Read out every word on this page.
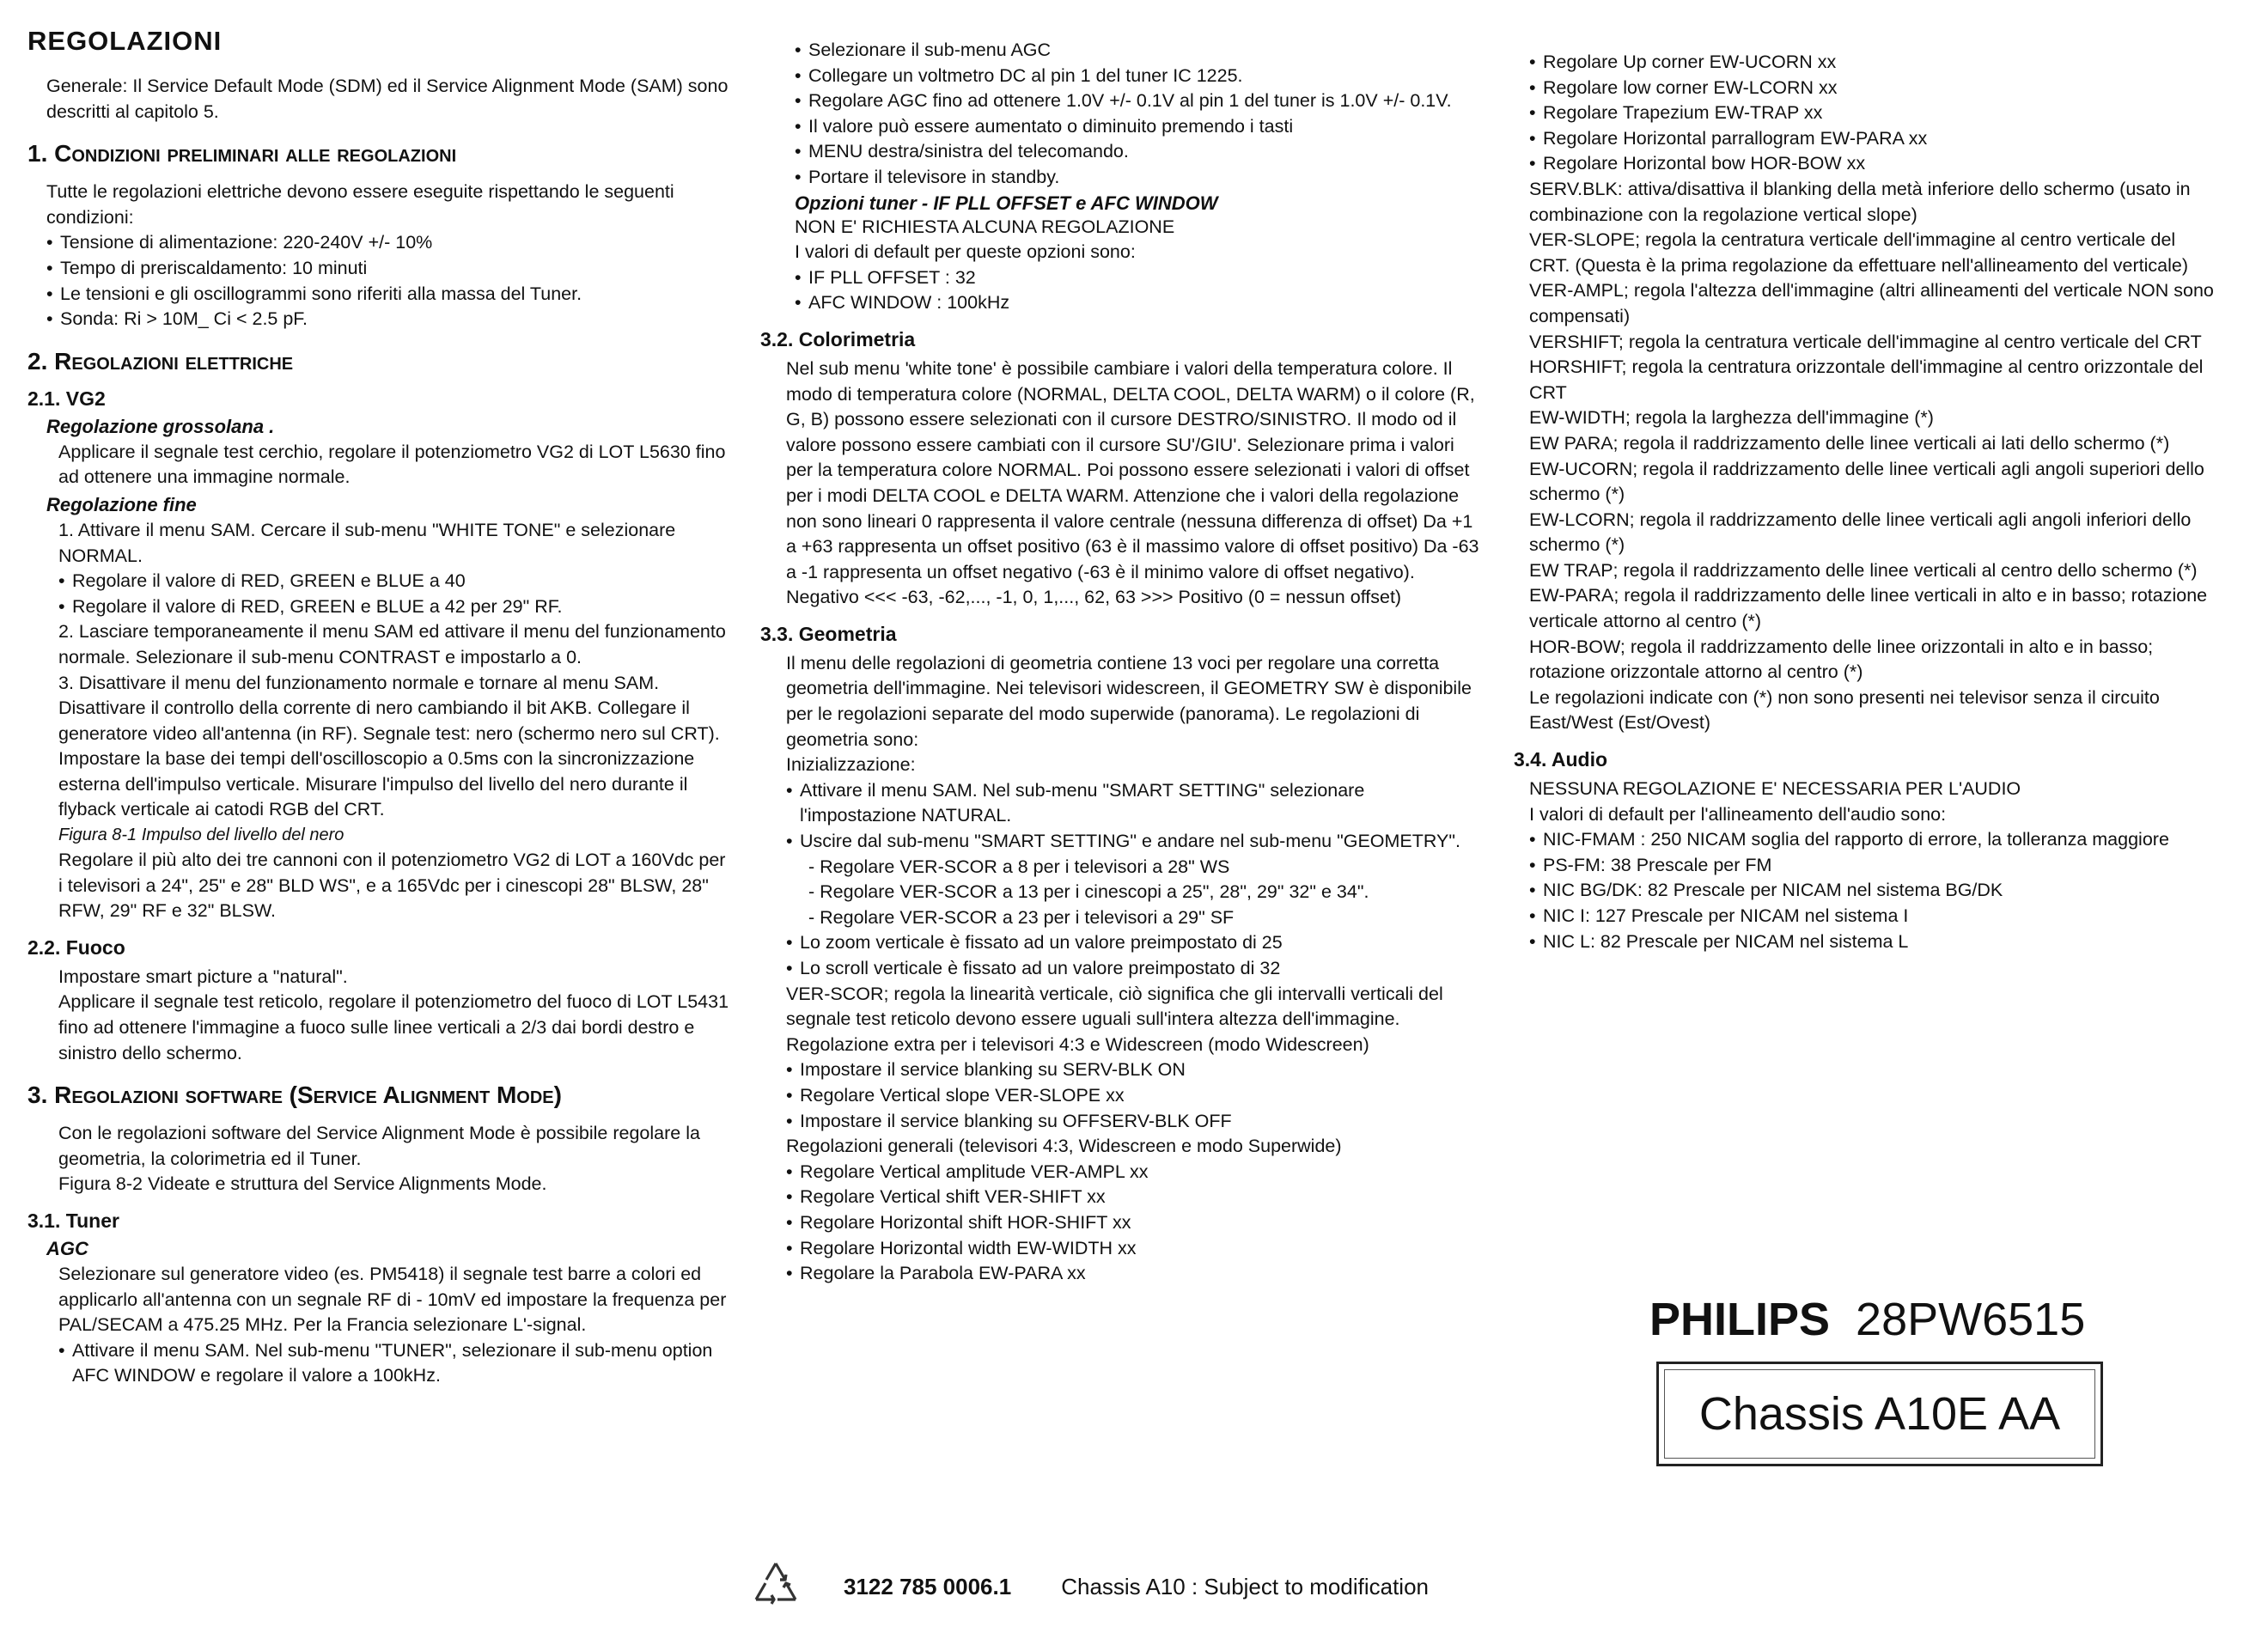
REGOLAZIONI
Generale: Il Service Default Mode (SDM) ed il Service Alignment Mode (SAM) sono descritti al capitolo 5.
1. Condizioni preliminari alle regolazioni
Tutte le regolazioni elettriche devono essere eseguite rispettando le seguenti condizioni:
• Tensione di alimentazione: 220-240V +/- 10%
• Tempo di preriscaldamento: 10 minuti
• Le tensioni e gli oscillogrammi sono riferiti alla massa del Tuner.
• Sonda: Ri > 10M_ Ci < 2.5 pF.
2. Regolazioni elettriche
2.1. VG2
Regolazione grossolana .
Applicare il segnale test cerchio, regolare il potenziometro VG2 di LOT L5630 fino ad ottenere una immagine normale.
Regolazione fine
1. Attivare il menu SAM. Cercare il sub-menu "WHITE TONE" e selezionare NORMAL.
• Regolare il valore di RED, GREEN e BLUE a 40
• Regolare il valore di RED, GREEN e BLUE a 42 per 29" RF.
2. Lasciare temporaneamente il menu SAM ed attivare il menu del funzionamento normale. Selezionare il sub-menu CONTRAST e impostarlo a 0.
3. Disattivare il menu del funzionamento normale e tornare al menu SAM. Disattivare il controllo della corrente di nero cambiando il bit AKB. Collegare il generatore video all'antenna (in RF). Segnale test: nero (schermo nero sul CRT). Impostare la base dei tempi dell'oscilloscopio a 0.5ms con la sincronizzazione esterna dell'impulso verticale. Misurare l'impulso del livello del nero durante il flyback verticale ai catodi RGB del CRT.
Figura 8-1 Impulso del livello del nero
Regolare il più alto dei tre cannoni con il potenziometro VG2 di LOT a 160Vdc per i televisori a 24", 25" e 28" BLD WS", e a 165Vdc per i cinescopi 28" BLSW, 28" RFW, 29" RF e 32" BLSW.
2.2. Fuoco
Impostare smart picture a "natural".
Applicare il segnale test reticolo, regolare il potenziometro del fuoco di LOT L5431 fino ad ottenere l'immagine a fuoco sulle linee verticali a 2/3 dai bordi destro e sinistro dello schermo.
3. Regolazioni software (Service Alignment Mode)
Con le regolazioni software del Service Alignment Mode è possibile regolare la geometria, la colorimetria ed il Tuner.
Figura 8-2 Videate e struttura del Service Alignments Mode.
3.1. Tuner
AGC
Selezionare sul generatore video (es. PM5418) il segnale test barre a colori ed applicarlo all'antenna con un segnale RF di - 10mV ed impostare la frequenza per PAL/SECAM a 475.25 MHz. Per la Francia selezionare L'-signal.
• Attivare il menu SAM. Nel sub-menu "TUNER", selezionare il sub-menu option AFC WINDOW e regolare il valore a 100kHz.
• Selezionare il sub-menu AGC
• Collegare un voltmetro DC al pin 1 del tuner IC 1225.
• Regolare AGC fino ad ottenere 1.0V +/- 0.1V al pin 1 del tuner is 1.0V +/- 0.1V.
• Il valore può essere aumentato o diminuito premendo i tasti
• MENU destra/sinistra del telecomando.
• Portare il televisore in standby.
Opzioni tuner - IF PLL OFFSET e AFC WINDOW
NON E' RICHIESTA ALCUNA REGOLAZIONE
I valori di default per queste opzioni sono:
• IF PLL OFFSET : 32
• AFC WINDOW : 100kHz
3.2. Colorimetria
Nel sub menu 'white tone' è possibile cambiare i valori della temperatura colore. Il modo di temperatura colore (NORMAL, DELTA COOL, DELTA WARM) o il colore (R, G, B) possono essere selezionati con il cursore DESTRO/SINISTRO. Il modo od il valore possono essere cambiati con il cursore SU'/GIU'. Selezionare prima i valori per la temperatura colore NORMAL. Poi possono essere selezionati i valori di offset per i modi DELTA COOL e DELTA WARM. Attenzione che i valori della regolazione non sono lineari 0 rappresenta il valore centrale (nessuna differenza di offset) Da +1 a +63 rappresenta un offset positivo (63 è il massimo valore di offset positivo) Da -63 a -1 rappresenta un offset negativo (-63 è il minimo valore di offset negativo).
Negativo <<< -63, -62,..., -1, 0, 1,..., 62, 63 >>> Positivo (0 = nessun offset)
3.3. Geometria
Il menu delle regolazioni di geometria contiene 13 voci per regolare una corretta geometria dell'immagine. Nei televisori widescreen, il GEOMETRY SW è disponibile per le regolazioni separate del modo superwide (panorama). Le regolazioni di geometria sono:
Inizializzazione:
• Attivare il menu SAM. Nel sub-menu "SMART SETTING" selezionare l'impostazione NATURAL.
• Uscire dal sub-menu "SMART SETTING" e andare nel sub-menu "GEOMETRY".
- Regolare VER-SCOR a 8 per i televisori a 28" WS
- Regolare VER-SCOR a 13 per i cinescopi a 25", 28", 29" 32" e 34".
- Regolare VER-SCOR a 23 per i televisori a 29" SF
• Lo zoom verticale è fissato ad un valore preimpostato di 25
• Lo scroll verticale è fissato ad un valore preimpostato di 32
VER-SCOR; regola la linearità verticale, ciò significa che gli intervalli verticali del segnale test reticolo devono essere uguali sull'intera altezza dell'immagine.
Regolazione extra per i televisori 4:3 e Widescreen (modo Widescreen)
• Impostare il service blanking su SERV-BLK ON
• Regolare Vertical slope VER-SLOPE xx
• Impostare il service blanking su OFFSERV-BLK OFF
Regolazioni generali (televisori 4:3, Widescreen e modo Superwide)
• Regolare Vertical amplitude VER-AMPL xx
• Regolare Vertical shift VER-SHIFT xx
• Regolare Horizontal shift HOR-SHIFT xx
• Regolare Horizontal width EW-WIDTH xx
• Regolare la Parabola EW-PARA xx
• Regolare Up corner EW-UCORN xx
• Regolare low corner EW-LCORN xx
• Regolare Trapezium EW-TRAP xx
• Regolare Horizontal parrallogram EW-PARA xx
• Regolare Horizontal bow HOR-BOW xx
SERV.BLK: attiva/disattiva il blanking della metà inferiore dello schermo (usato in combinazione con la regolazione vertical slope)
VER-SLOPE; regola la centratura verticale dell'immagine al centro verticale del CRT. (Questa è la prima regolazione da effettuare nell'allineamento del verticale)
VER-AMPL; regola l'altezza dell'immagine (altri allineamenti del verticale NON sono compensati)
VERSHIFT; regola la centratura verticale dell'immagine al centro verticale del CRT
HORSHIFT; regola la centratura orizzontale dell'immagine al centro orizzontale del CRT
EW-WIDTH; regola la larghezza dell'immagine (*)
EW PARA; regola il raddrizzamento delle linee verticali ai lati dello schermo (*)
EW-UCORN; regola il raddrizzamento delle linee verticali agli angoli superiori dello schermo (*)
EW-LCORN; regola il raddrizzamento delle linee verticali agli angoli inferiori dello schermo (*)
EW TRAP; regola il raddrizzamento delle linee verticali al centro dello schermo (*)
EW-PARA; regola il raddrizzamento delle linee verticali in alto e in basso; rotazione verticale attorno al centro (*)
HOR-BOW; regola il raddrizzamento delle linee orizzontali in alto e in basso; rotazione orizzontale attorno al centro (*)
Le regolazioni indicate con (*) non sono presenti nei televisor senza il circuito East/West (Est/Ovest)
3.4. Audio
NESSUNA REGOLAZIONE E' NECESSARIA PER L'AUDIO
I valori di default per l'allineamento dell'audio sono:
• NIC-FMAM : 250 NICAM soglia del rapporto di errore, la tolleranza maggiore
• PS-FM: 38 Prescale per FM
• NIC BG/DK: 82 Prescale per NICAM nel sistema BG/DK
• NIC I: 127 Prescale per NICAM nel sistema I
• NIC L: 82 Prescale per NICAM nel sistema L
PHILIPS 28PW6515
Chassis A10E AA
3122 785 0006.1 Chassis A10 : Subject to modification
